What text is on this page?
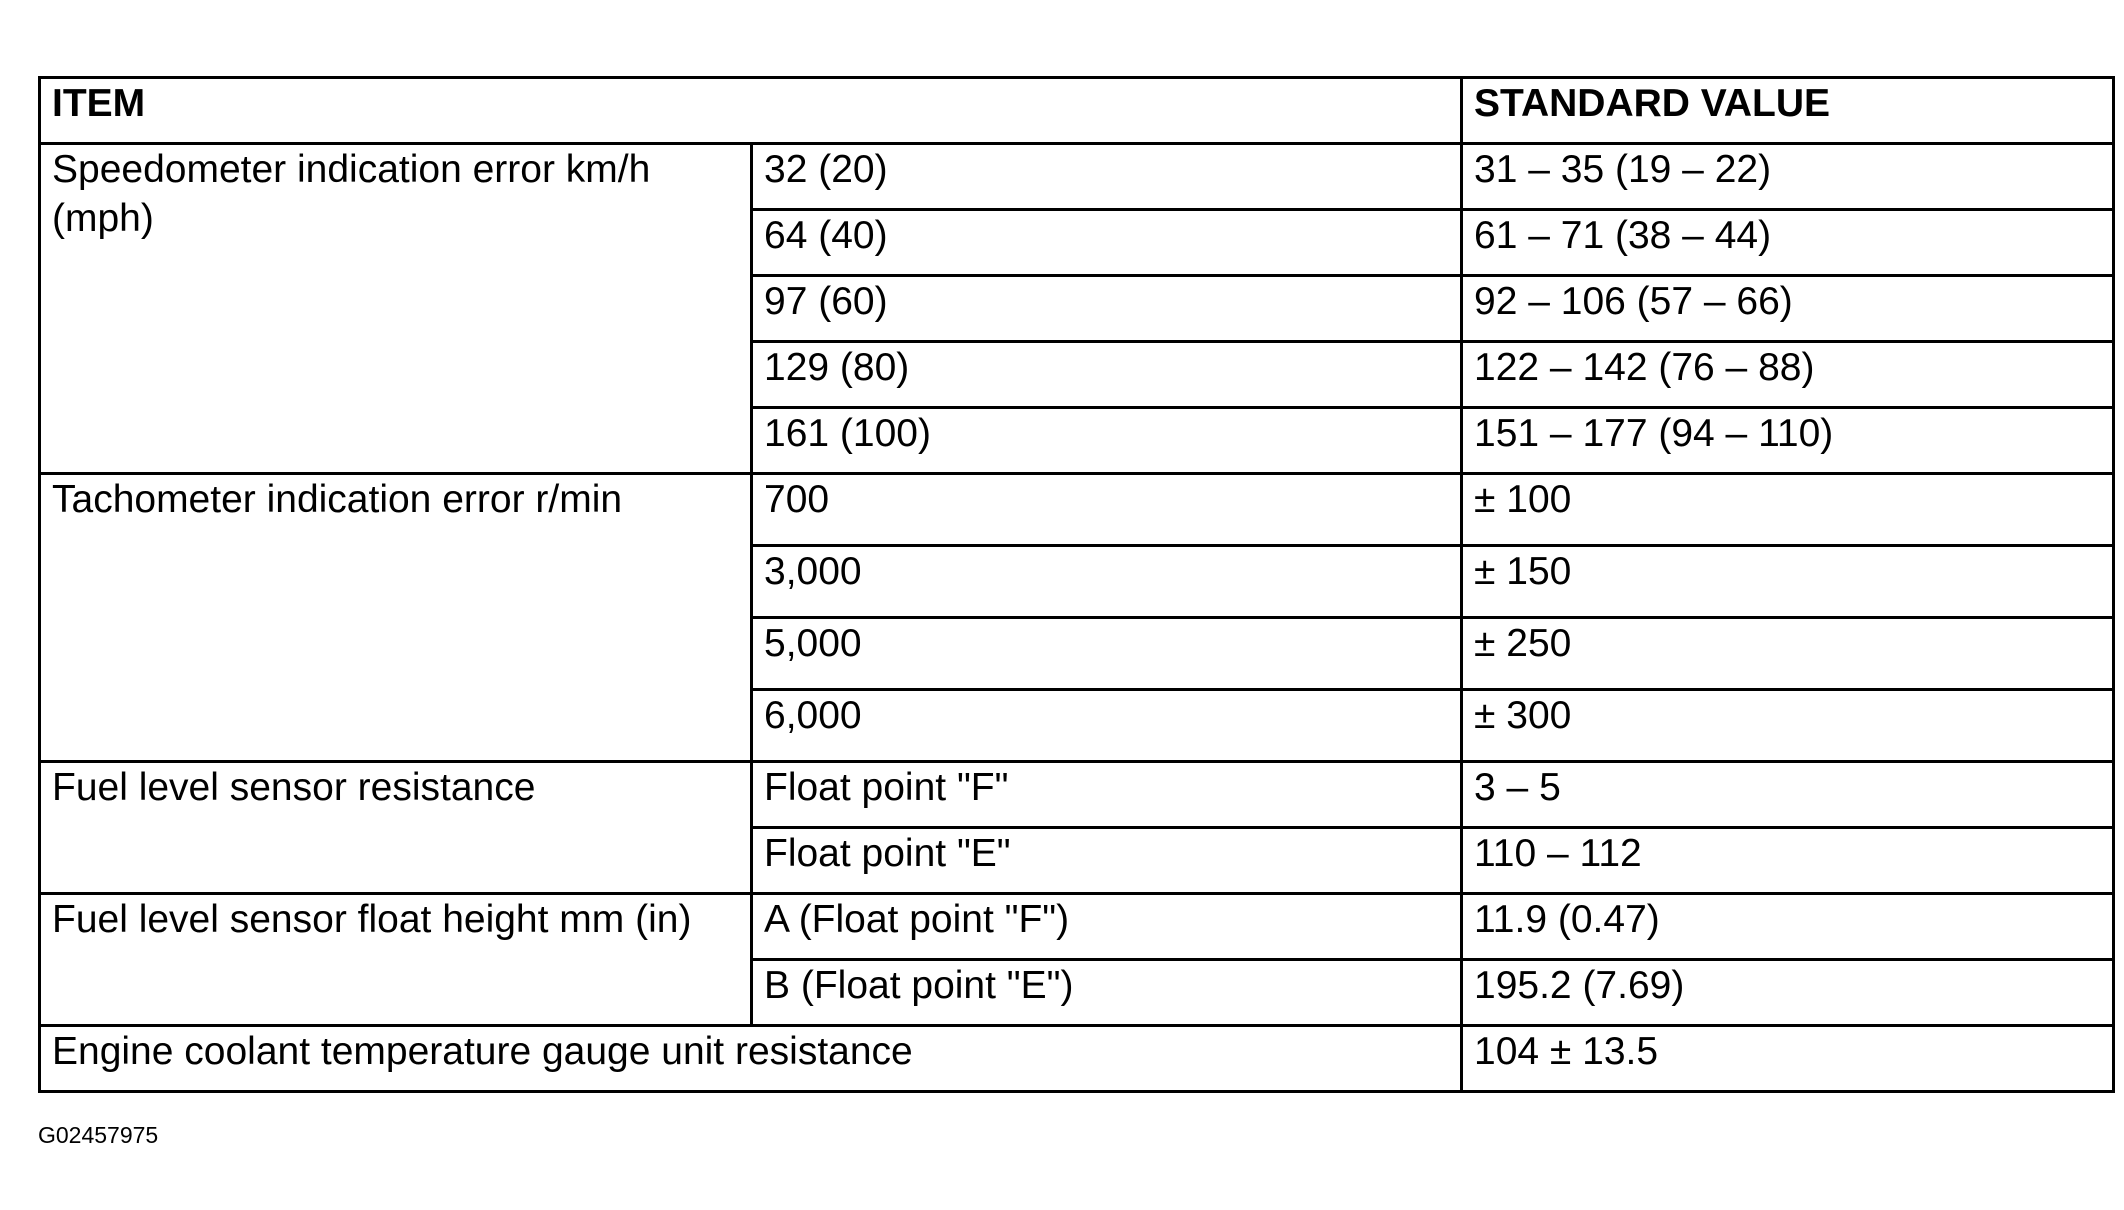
ITEM		STANDARD VALUE
Speedometer indication error km/h (mph)	32 (20)	31 – 35 (19 – 22)
	64 (40)	61 – 71 (38 – 44)
	97 (60)	92 – 106 (57 – 66)
	129 (80)	122 – 142 (76 – 88)
	161 (100)	151 – 177 (94 – 110)
Tachometer indication error r/min	700	± 100
	3,000	± 150
	5,000	± 250
	6,000	± 300
Fuel level sensor resistance	Float point "F"	3 – 5
	Float point "E"	110 – 112
Fuel level sensor float height mm (in)	A (Float point "F")	11.9 (0.47)
	B (Float point "E")	195.2 (7.69)
Engine coolant temperature gauge unit resistance		104 ± 13.5
G02457975
